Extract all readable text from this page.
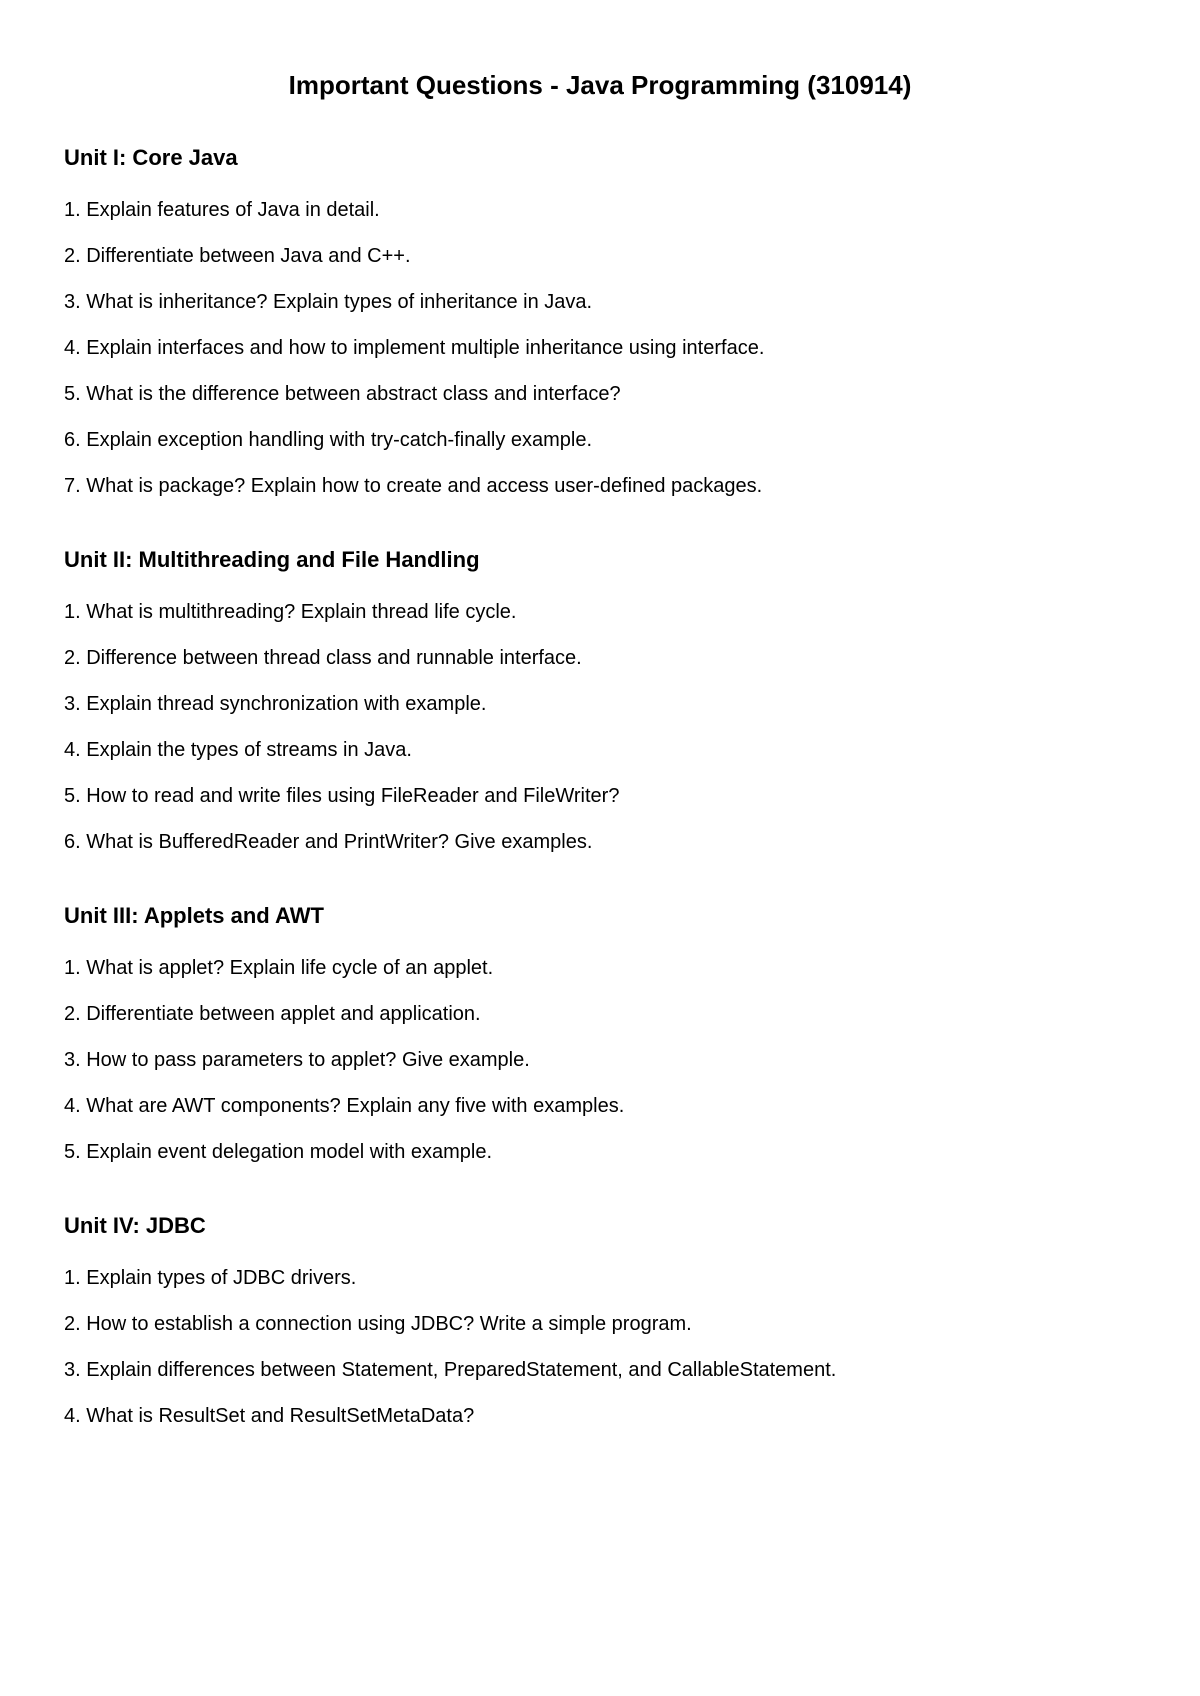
Important Questions - Java Programming (310914)
Unit I: Core Java
1. Explain features of Java in detail.
2. Differentiate between Java and C++.
3. What is inheritance? Explain types of inheritance in Java.
4. Explain interfaces and how to implement multiple inheritance using interface.
5. What is the difference between abstract class and interface?
6. Explain exception handling with try-catch-finally example.
7. What is package? Explain how to create and access user-defined packages.
Unit II: Multithreading and File Handling
1. What is multithreading? Explain thread life cycle.
2. Difference between thread class and runnable interface.
3. Explain thread synchronization with example.
4. Explain the types of streams in Java.
5. How to read and write files using FileReader and FileWriter?
6. What is BufferedReader and PrintWriter? Give examples.
Unit III: Applets and AWT
1. What is applet? Explain life cycle of an applet.
2. Differentiate between applet and application.
3. How to pass parameters to applet? Give example.
4. What are AWT components? Explain any five with examples.
5. Explain event delegation model with example.
Unit IV: JDBC
1. Explain types of JDBC drivers.
2. How to establish a connection using JDBC? Write a simple program.
3. Explain differences between Statement, PreparedStatement, and CallableStatement.
4. What is ResultSet and ResultSetMetaData?
